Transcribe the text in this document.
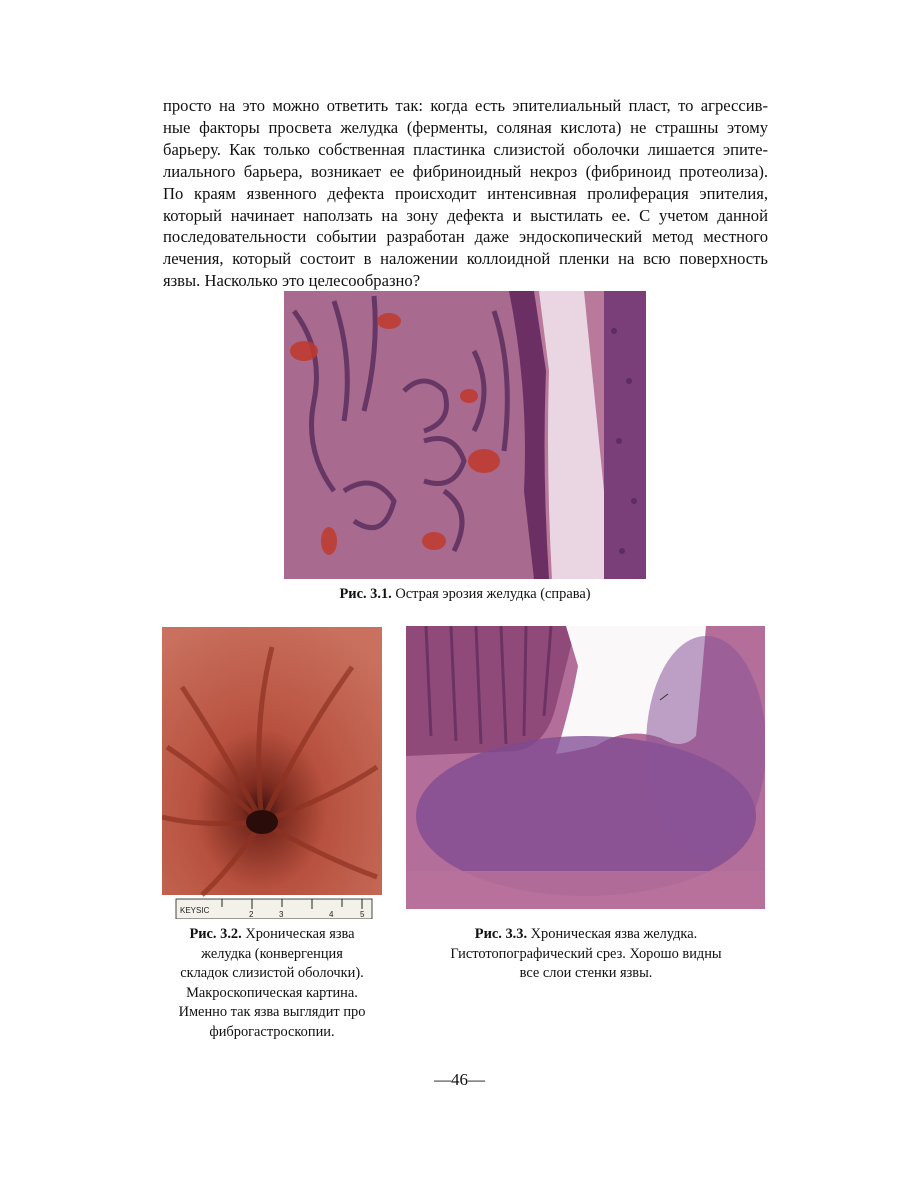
просто на это можно ответить так: когда есть эпителиальный пласт, то агрессив-
ные факторы просвета желудка (ферменты, соляная кислота) не страшны этому
барьеру. Как только собственная пластинка слизистой оболочки лишается эпите-
лиального барьера, возникает ее фибриноидный некроз (фибриноид протеолиза).
По краям язвенного дефекта происходит интенсивная пролиферация эпителия,
который начинает наползать на зону дефекта и выстилать ее. С учетом данной
последовательности событии разработан даже эндоскопический метод местного
лечения, который состоит в наложении коллоидной пленки на всю поверхность
язвы. Насколько это целесообразно?
Рис. 3.1. Острая эрозия желудка (справа)
KEYSIC	2	3	4	5
Рис. 3.2. Хроническая язва
желудка (конвергенция
складок слизистой оболочки).
Макроскопическая картина.
Именно так язва выглядит про
фиброгастроскопии.
Рис. 3.3. Хроническая язва желудка.
Гистотопографический срез. Хорошо видны
все слои стенки язвы.
—46—
